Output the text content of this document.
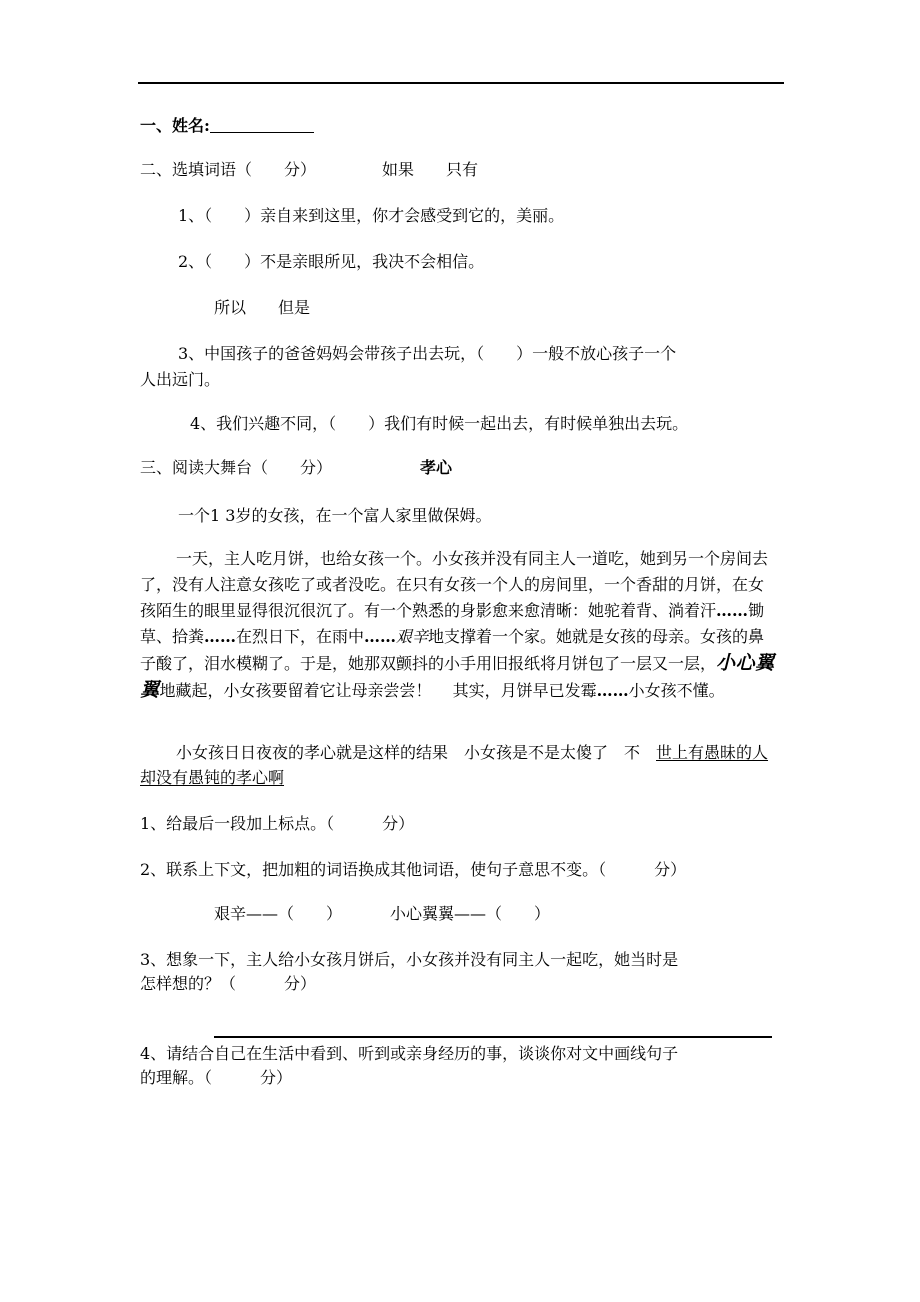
一、姓名:
二、选填词语（　　分）	如果　　只有
1、（　　）亲自来到这里，你才会感受到它的，美丽。
2、（　　）不是亲眼所见，我决不会相信。
所以　　但是
3、中国孩子的爸爸妈妈会带孩子出去玩，（　　）一般不放心孩子一个
人出远门。
4、我们兴趣不同，（　　）我们有时候一起出去，有时候单独出去玩。
三、阅读大舞台（　　分）	孝心
一个1 3岁的女孩，在一个富人家里做保姆。
一天，主人吃月饼，也给女孩一个。小女孩并没有同主人一道吃，她到另一个房间去了，没有人注意女孩吃了或者没吃。在只有女孩一个人的房间里，一个香甜的月饼，在女孩陌生的眼里显得很沉很沉了。有一个熟悉的身影愈来愈清晰：她驼着背、淌着汗……锄草、拾粪……在烈日下，在雨中……艰辛地支撑着一个家。她就是女孩的母亲。女孩的鼻子酸了，泪水模糊了。于是，她那双颤抖的小手用旧报纸将月饼包了一层又一层，小心翼翼地藏起，小女孩要留着它让母亲尝尝！　 其实，月饼早已发霉……小女孩不懂。
小女孩日日夜夜的孝心就是这样的结果　小女孩是不是太傻了　不　世上有愚昧的人却没有愚钝的孝心啊
1、给最后一段加上标点。（　　　分）
2、联系上下文，把加粗的词语换成其他词语，使句子意思不变。（　　　分）
艰辛——（　　）	小心翼翼——（　　）
3、想象一下，主人给小女孩月饼后，小女孩并没有同主人一起吃，她当时是
怎样想的？（　　　分）
4、请结合自己在生活中看到、听到或亲身经历的事，谈谈你对文中画线句子
的理解。（　　　分）
